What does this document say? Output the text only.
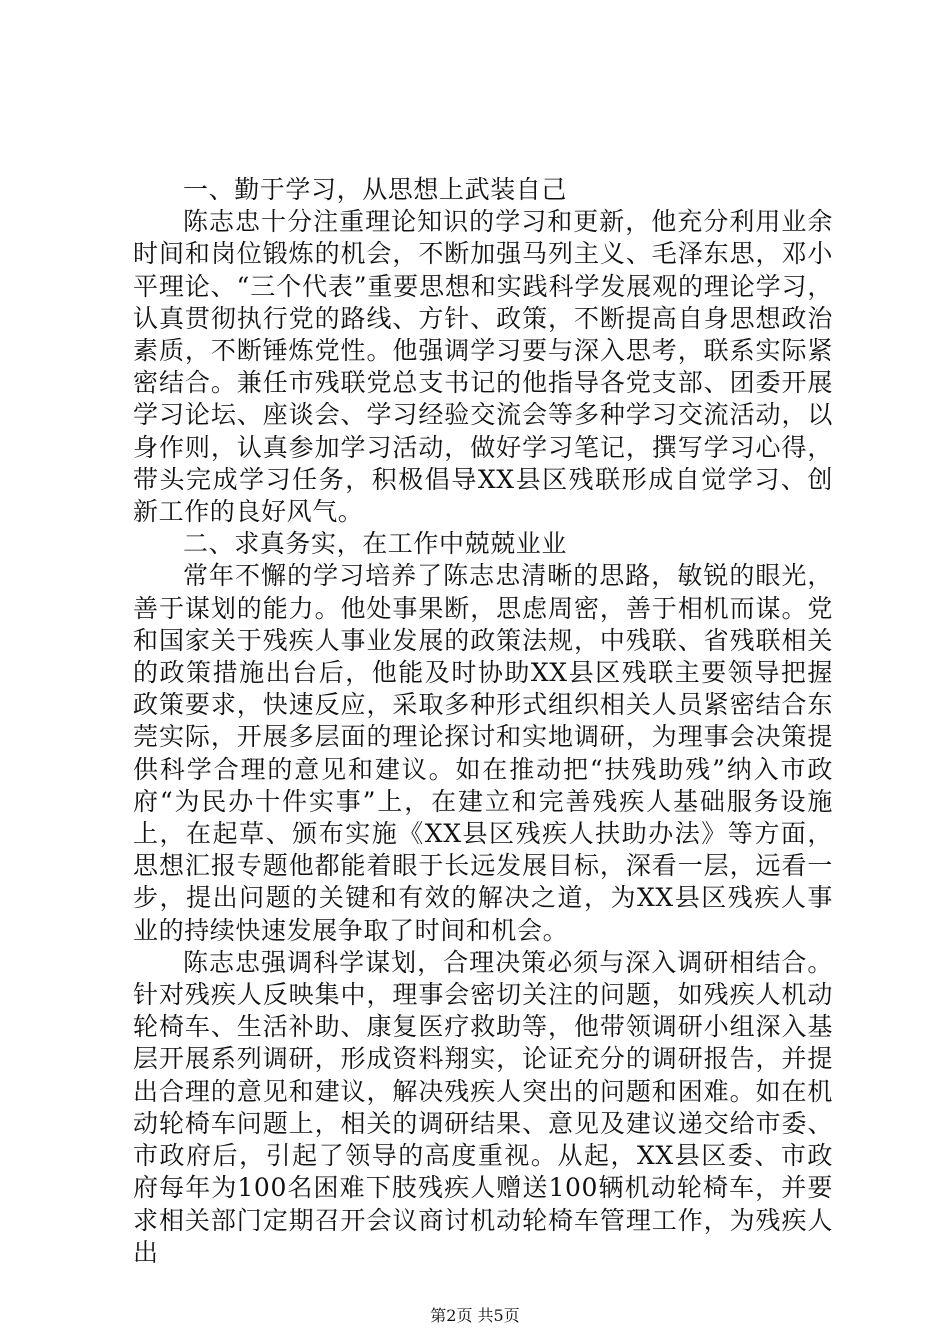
一、勤于学习，从思想上武装自己

陈志忠十分注重理论知识的学习和更新，他充分利用业余时间和岗位锻炼的机会，不断加强马列主义、毛泽东思，邓小平理论、“三个代表”重要思想和实践科学发展观的理论学习，认真贯彻执行党的路线、方针、政策，不断提高自身思想政治素质，不断锤炼党性。他强调学习要与深入思考，联系实际紧密结合。兼任市残联党总支书记的他指导各党支部、团委开展学习论坛、座谈会、学习经验交流会等多种学习交流活动，以身作则，认真参加学习活动，做好学习笔记，撰写学习心得，带头完成学习任务，积极倡导XX县区残联形成自觉学习、创新工作的良好风气。

二、求真务实，在工作中兢兢业业

常年不懈的学习培养了陈志忠清晰的思路，敏锐的眼光，善于谋划的能力。他处事果断，思虑周密，善于相机而谋。党和国家关于残疾人事业发展的政策法规，中残联、省残联相关的政策措施出台后，他能及时协助XX县区残联主要领导把握政策要求，快速反应，采取多种形式组织相关人员紧密结合东莞实际，开展多层面的理论探讨和实地调研，为理事会决策提供科学合理的意见和建议。如在推动把“扶残助残”纳入市政府“为民办十件实事”上，在建立和完善残疾人基础服务设施上，在起草、颁布实施《XX县区残疾人扶助办法》等方面，思想汇报专题他都能着眼于长远发展目标，深看一层，远看一步，提出问题的关键和有效的解决之道，为XX县区残疾人事业的持续快速发展争取了时间和机会。

陈志忠强调科学谋划，合理决策必须与深入调研相结合。针对残疾人反映集中，理事会密切关注的问题，如残疾人机动轮椅车、生活补助、康复医疗救助等，他带领调研小组深入基层开展系列调研，形成资料翔实，论证充分的调研报告，并提出合理的意见和建议，解决残疾人突出的问题和困难。如在机动轮椅车问题上，相关的调研结果、意见及建议递交给市委、市政府后，引起了领导的高度重视。从起，XX县区委、市政府每年为100名困难下肢残疾人赠送100辆机动轮椅车，并要求相关部门定期召开会议商讨机动轮椅车管理工作，为残疾人出

第2页 共5页
